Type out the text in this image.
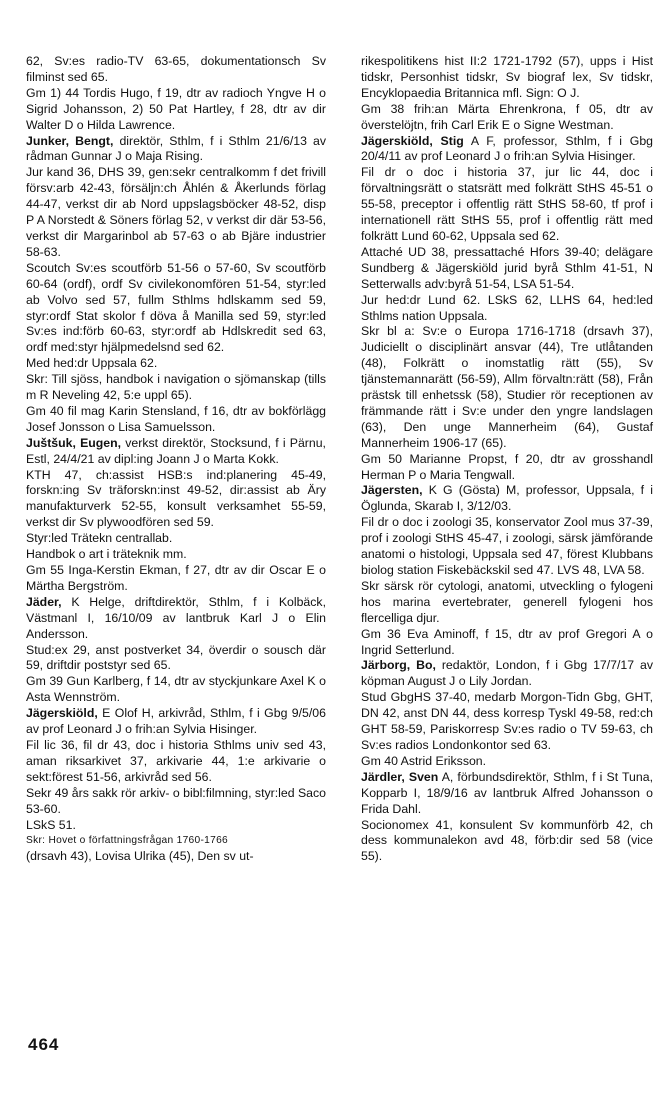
62, Sv:es radio-TV 63-65, dokumentationsch Sv filminst sed 65.

Gm 1) 44 Tordis Hugo, f 19, dtr av radioch Yngve H o Sigrid Johansson, 2) 50 Pat Hartley, f 28, dtr av dir Walter D o Hilda Lawrence.

Junker, Bengt, direktör, Sthlm, f i Sthlm 21/6/13 av rådman Gunnar J o Maja Rising.

Jur kand 36, DHS 39, gen:sekr centralkomm f det frivill försv:arb 42-43, försäljn:ch Åhlén & Åkerlunds förlag 44-47, verkst dir ab Nord uppslagsböcker 48-52, disp P A Norstedt & Söners förlag 52, v verkst dir där 53-56, verkst dir Margarinbol ab 57-63 o ab Bjäre industrier 58-63.

Scoutch Sv:es scoutförb 51-56 o 57-60, Sv scoutförb 60-64 (ordf), ordf Sv civilekonomfören 51-54, styr:led ab Volvo sed 57, fullm Sthlms hdlskamm sed 59, styr:ordf Stat skolor f döva å Manilla sed 59, styr:led Sv:es ind:förb 60-63, styr:ordf ab Hdlskredit sed 63, ordf med:styr hjälpmedelsnd sed 62.

Med hed:dr Uppsala 62.

Skr: Till sjöss, handbok i navigation o sjömanskap (tills m R Neveling 42, 5:e uppl 65).

Gm 40 fil mag Karin Stensland, f 16, dtr av bokförlägg Josef Jonsson o Lisa Samuelsson.

Juštšuk, Eugen, verkst direktör, Stocksund, f i Pärnu, Estl, 24/4/21 av dipl:ing Joann J o Marta Kokk.

KTH 47, ch:assist HSB:s ind:planering 45-49, forskn:ing Sv träforskn:inst 49-52, dir:assist ab Äry manufakturverk 52-55, konsult verksamhet 55-59, verkst dir Sv plywoodfören sed 59.

Styr:led Trätekn centrallab.

Handbok o art i träteknik mm.

Gm 55 Inga-Kerstin Ekman, f 27, dtr av dir Oscar E o Märtha Bergström.

Jäder, K Helge, driftdirektör, Sthlm, f i Kolbäck, Västmanl I, 16/10/09 av lantbruk Karl J o Elin Andersson.

Stud:ex 29, anst postverket 34, överdir o sousch där 59, driftdir poststyr sed 65.

Gm 39 Gun Karlberg, f 14, dtr av styckjunkare Axel K o Asta Wennström.

Jägerskiöld, E Olof H, arkivråd, Sthlm, f i Gbg 9/5/06 av prof Leonard J o frih:an Sylvia Hisinger.

Fil lic 36, fil dr 43, doc i historia Sthlms univ sed 43, aman riksarkivet 37, arkivarie 44, 1:e arkivarie o sekt:förest 51-56, arkivråd sed 56.

Sekr 49 års sakk rör arkiv- o bibl:filmning, styr:led Saco 53-60.

LSkS 51.

Skr: Hovet o författningsfrågan 1760-1766

(drsavh 43), Lovisa Ulrika (45), Den sv ut-

rikespolitikens hist II:2 1721-1792 (57), upps i Hist tidskr, Personhist tidskr, Sv biograf lex, Sv tidskr, Encyklopaedia Britannica mfl. Sign: O J.

Gm 38 frih:an Märta Ehrenkrona, f 05, dtr av överstelöjtn, frih Carl Erik E o Signe Westman.

Jägerskiöld, Stig A F, professor, Sthlm, f i Gbg 20/4/11 av prof Leonard J o frih:an Sylvia Hisinger.

Fil dr o doc i historia 37, jur lic 44, doc i förvaltningsrätt o statsrätt med folkrätt StHS 45-51 o 55-58, preceptor i offentlig rätt StHS 58-60, tf prof i internationell rätt StHS 55, prof i offentlig rätt med folkrätt Lund 60-62, Uppsala sed 62.

Attaché UD 38, pressattaché Hfors 39-40; delägare Sundberg & Jägerskiöld jurid byrå Sthlm 41-51, N Setterwalls adv:byrå 51-54, LSA 51-54.

Jur hed:dr Lund 62. LSkS 62, LLHS 64, hed:led Sthlms nation Uppsala.

Skr bl a: Sv:e o Europa 1716-1718 (drsavh 37), Judiciellt o disciplinärt ansvar (44), Tre utlåtanden (48), Folkrätt o inomstatlig rätt (55), Sv tjänstemannarätt (56-59), Allm förvaltn:rätt (58), Från prästsk till enhetssk (58), Studier rör receptionen av främmande rätt i Sv:e under den yngre landslagen (63), Den unge Mannerheim (64), Gustaf Mannerheim 1906-17 (65).

Gm 50 Marianne Propst, f 20, dtr av grosshandl Herman P o Maria Tengwall.

Jägersten, K G (Gösta) M, professor, Uppsala, f i Öglunda, Skarab I, 3/12/03.

Fil dr o doc i zoologi 35, konservator Zool mus 37-39, prof i zoologi StHS 45-47, i zoologi, särsk jämförande anatomi o histologi, Uppsala sed 47, förest Klubbans biolog station Fiskebäckskil sed 47. LVS 48, LVA 58.

Skr särsk rör cytologi, anatomi, utveckling o fylogeni hos marina evertebrater, generell fylogeni hos flercelliga djur.

Gm 36 Eva Aminoff, f 15, dtr av prof Gregori A o Ingrid Setterlund.

Järborg, Bo, redaktör, London, f i Gbg 17/7/17 av köpman August J o Lily Jordan.

Stud GbgHS 37-40, medarb Morgon-Tidn Gbg, GHT, DN 42, anst DN 44, dess korresp Tyskl 49-58, red:ch GHT 58-59, Pariskorresp Sv:es radio o TV 59-63, ch Sv:es radios Londonkontor sed 63.

Gm 40 Astrid Eriksson.

Järdler, Sven A, förbundsdirektör, Sthlm, f i St Tuna, Kopparb I, 18/9/16 av lantbruk Alfred Johansson o Frida Dahl.

Socionomex 41, konsulent Sv kommunförb 42, ch dess kommunalekon avd 48, förb:dir sed 58 (vice 55).

464
